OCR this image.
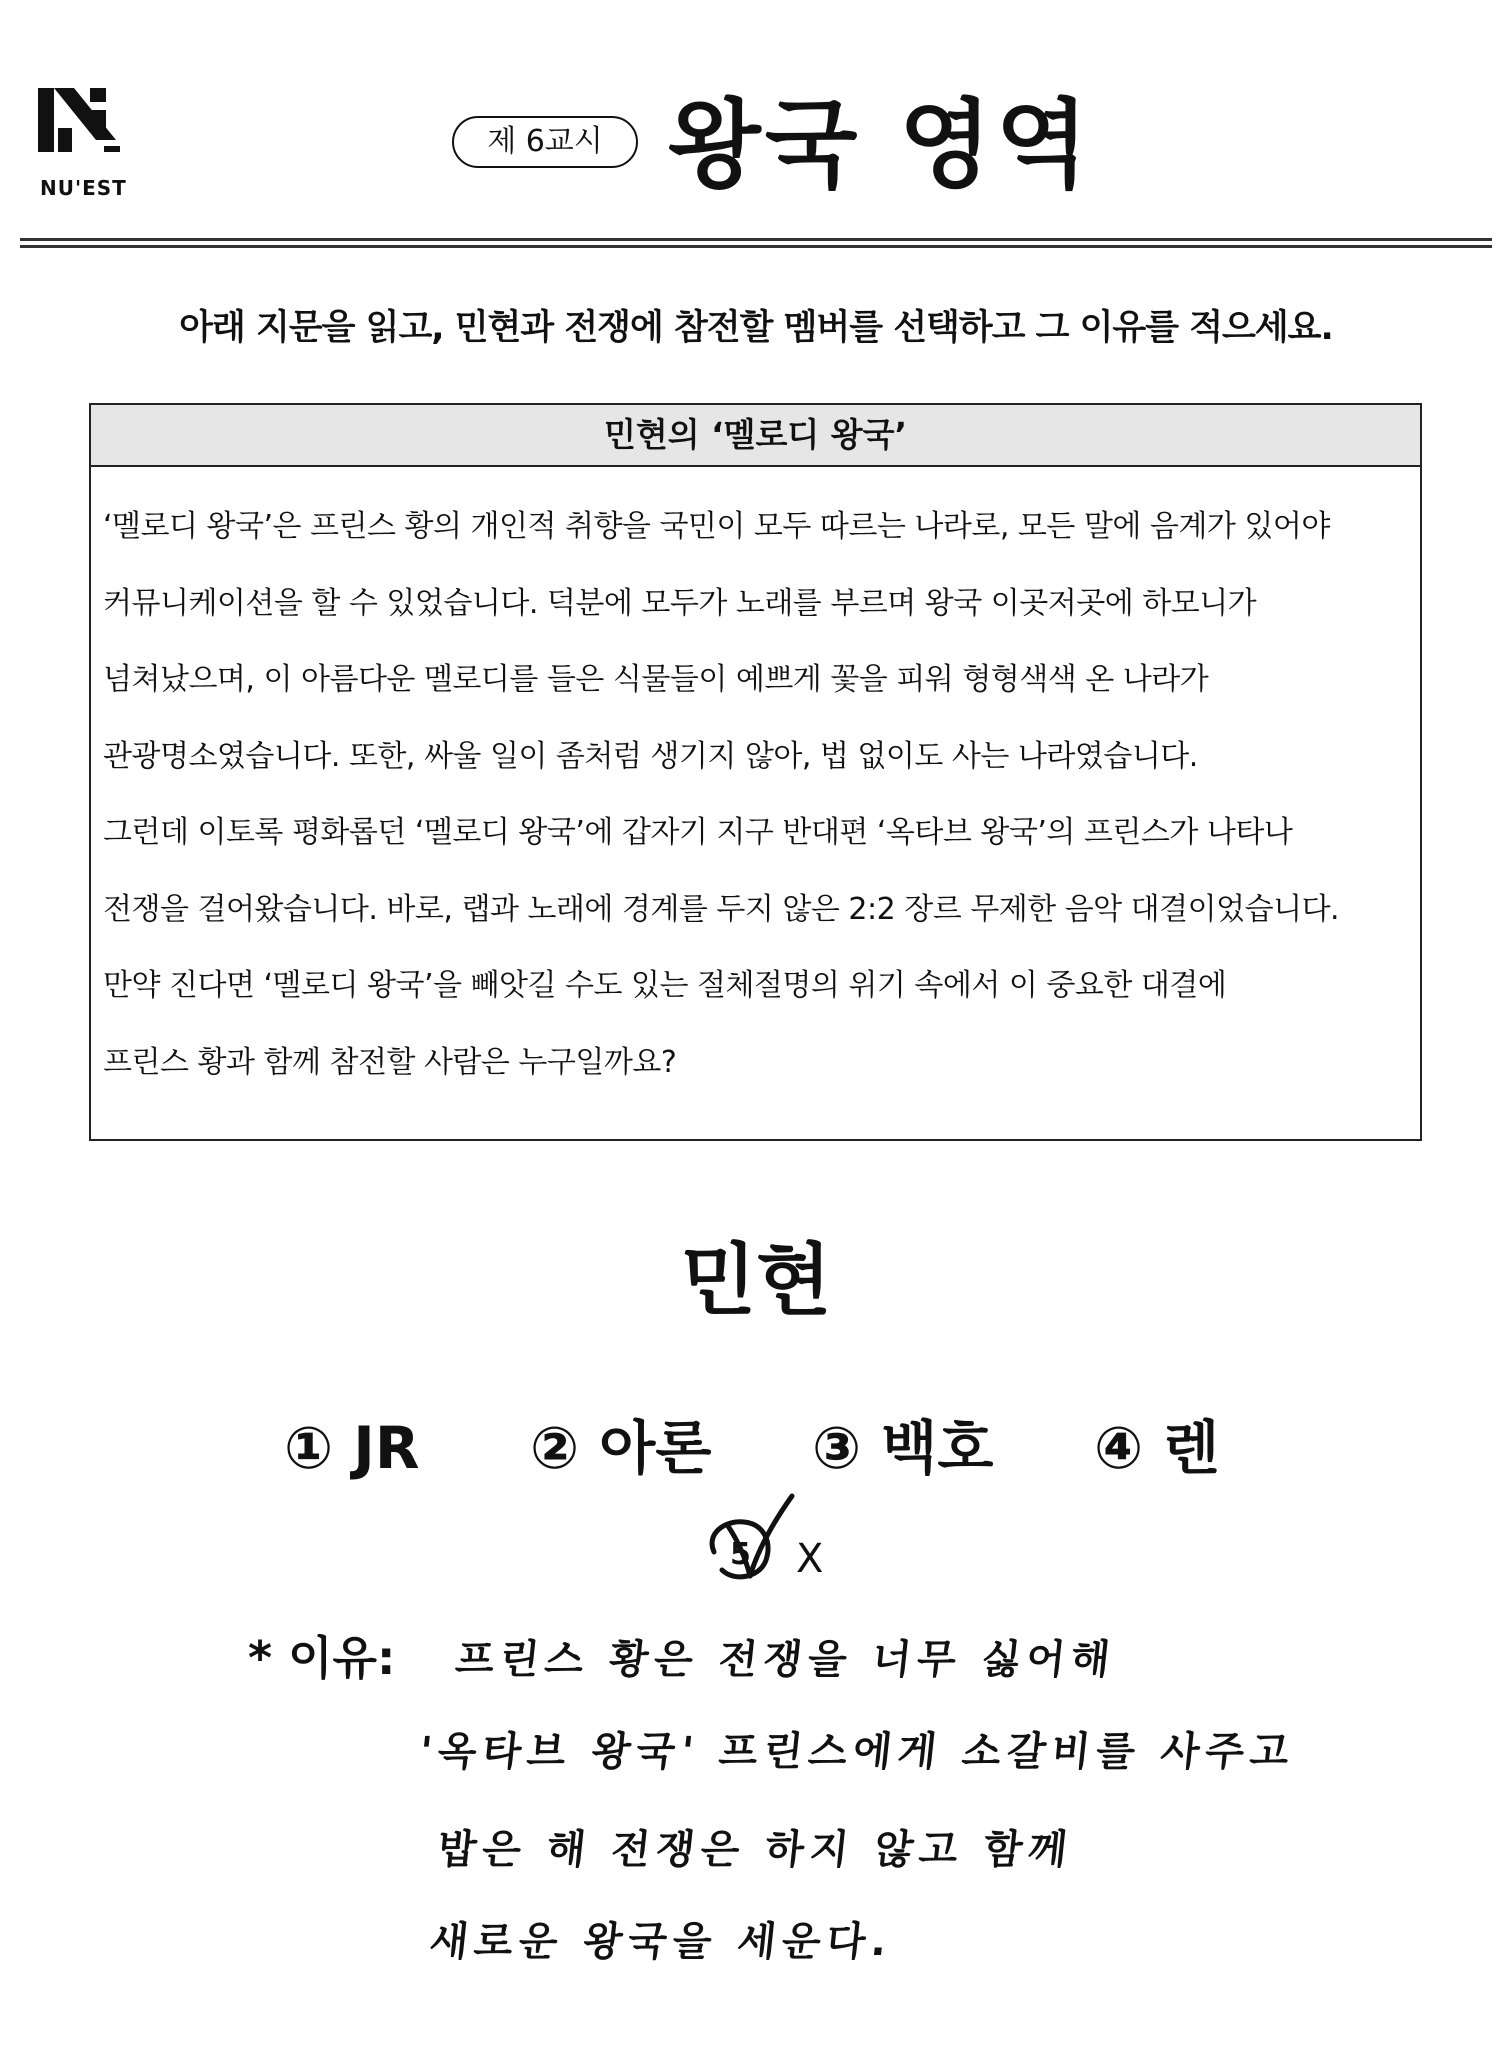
NU'EST
제 6교시 왕국 영역
아래 지문을 읽고, 민현과 전쟁에 참전할 멤버를 선택하고 그 이유를 적으세요.
민현의 ‘멜로디 왕국’
‘멜로디 왕국’은 프린스 황의 개인적 취향을 국민이 모두 따르는 나라로, 모든 말에 음계가 있어야
커뮤니케이션을 할 수 있었습니다. 덕분에 모두가 노래를 부르며 왕국 이곳저곳에 하모니가
넘쳐났으며, 이 아름다운 멜로디를 들은 식물들이 예쁘게 꽃을 피워 형형색색 온 나라가
관광명소였습니다. 또한, 싸울 일이 좀처럼 생기지 않아, 법 없이도 사는 나라였습니다.
그런데 이토록 평화롭던 ‘멜로디 왕국’에 갑자기 지구 반대편 ‘옥타브 왕국’의 프린스가 나타나
전쟁을 걸어왔습니다. 바로, 랩과 노래에 경계를 두지 않은 2:2 장르 무제한 음악 대결이었습니다.
만약 진다면 ‘멜로디 왕국’을 빼앗길 수도 있는 절체절명의 위기 속에서 이 중요한 대결에
프린스 황과 함께 참전할 사람은 누구일까요?
민현
① JR ② 아론 ③ 백호 ④ 렌
5 X
* 이유: 프린스 황은 전쟁을 너무 싫어해
'옥타브 왕국' 프린스에게 소갈비를 사주고
밥은 해 전쟁은 하지 않고 함께
새로운 왕국을 세운다.
